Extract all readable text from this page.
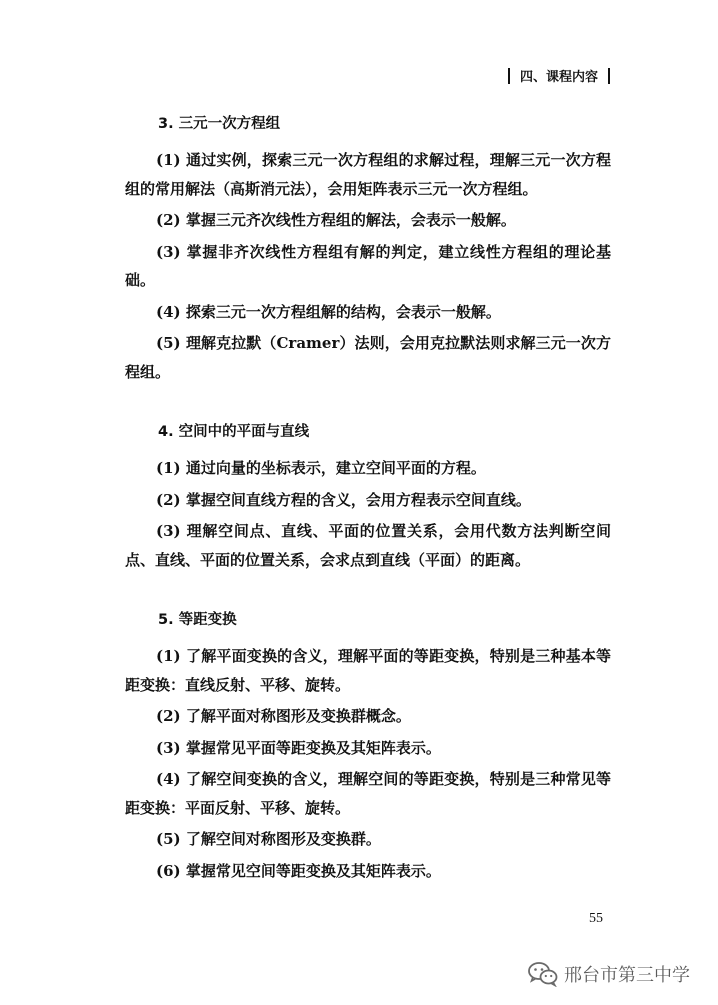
四、课程内容
3. 三元一次方程组

(1) 通过实例，探索三元一次方程组的求解过程，理解三元一次方程组的常用解法（高斯消元法），会用矩阵表示三元一次方程组。

(2) 掌握三元齐次线性方程组的解法，会表示一般解。

(3) 掌握非齐次线性方程组有解的判定，建立线性方程组的理论基础。

(4) 探索三元一次方程组解的结构，会表示一般解。

(5) 理解克拉默（Cramer）法则，会用克拉默法则求解三元一次方程组。

4. 空间中的平面与直线

(1) 通过向量的坐标表示，建立空间平面的方程。

(2) 掌握空间直线方程的含义，会用方程表示空间直线。

(3) 理解空间点、直线、平面的位置关系，会用代数方法判断空间点、直线、平面的位置关系，会求点到直线（平面）的距离。

5. 等距变换

(1) 了解平面变换的含义，理解平面的等距变换，特别是三种基本等距变换：直线反射、平移、旋转。

(2) 了解平面对称图形及变换群概念。

(3) 掌握常见平面等距变换及其矩阵表示。

(4) 了解空间变换的含义，理解空间的等距变换，特别是三种常见等距变换：平面反射、平移、旋转。

(5) 了解空间对称图形及变换群。

(6) 掌握常见空间等距变换及其矩阵表示。

55
邢台市第三中学
